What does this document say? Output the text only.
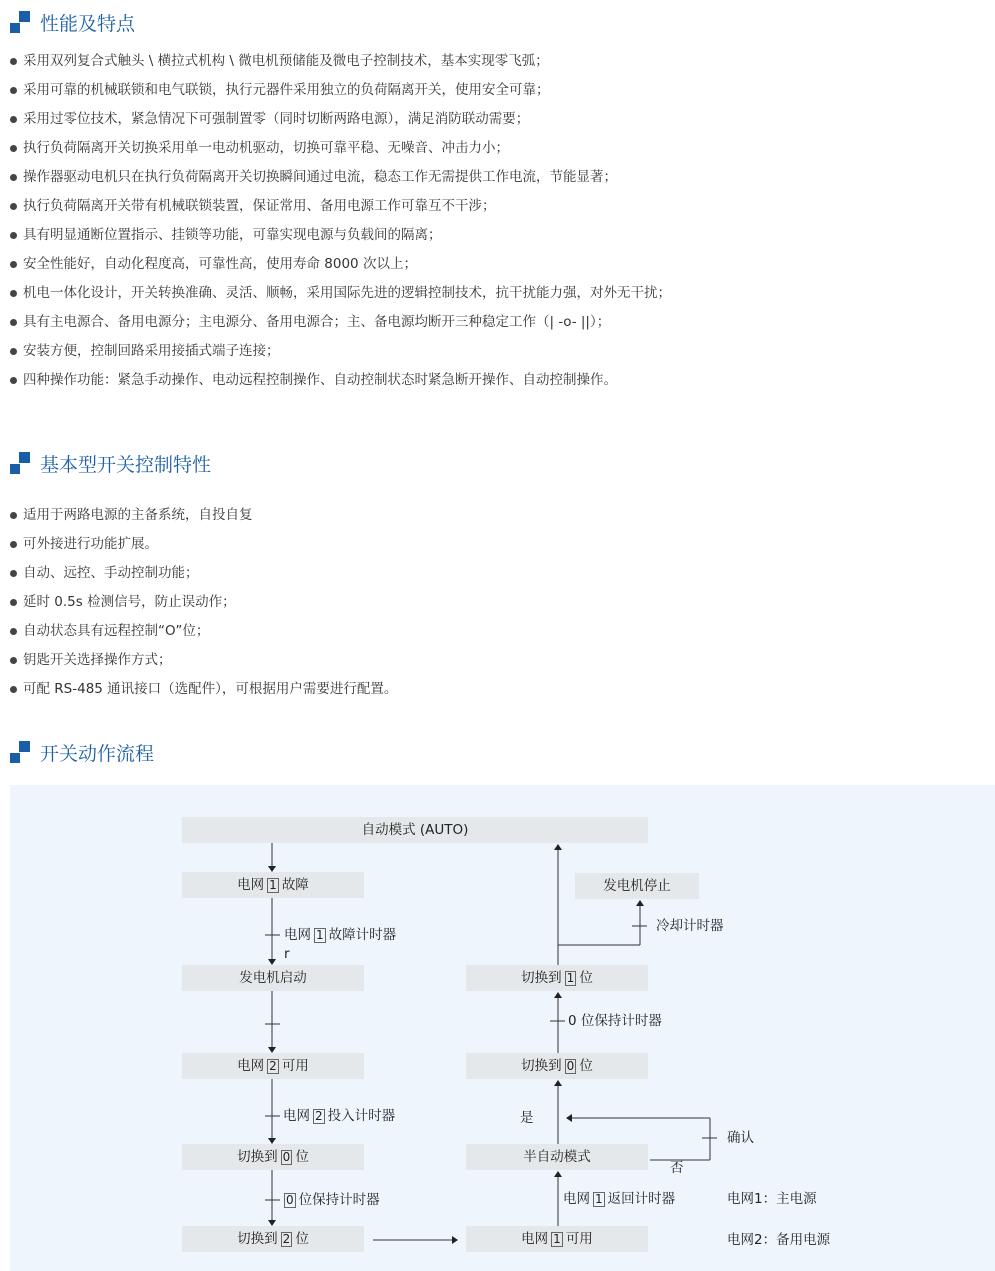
性能及特点
采用双列复合式触头 \ 横拉式机构 \ 微电机预储能及微电子控制技术，基本实现零飞弧；
采用可靠的机械联锁和电气联锁，执行元器件采用独立的负荷隔离开关，使用安全可靠；
采用过零位技术，紧急情况下可强制置零（同时切断两路电源），满足消防联动需要；
执行负荷隔离开关切换采用单一电动机驱动，切换可靠平稳、无噪音、冲击力小；
操作器驱动电机只在执行负荷隔离开关切换瞬间通过电流，稳态工作无需提供工作电流，节能显著；
执行负荷隔离开关带有机械联锁装置，保证常用、备用电源工作可靠互不干涉；
具有明显通断位置指示、挂锁等功能，可靠实现电源与负载间的隔离；
安全性能好，自动化程度高，可靠性高，使用寿命 8000 次以上；
机电一体化设计，开关转换准确、灵活、顺畅，采用国际先进的逻辑控制技术，抗干扰能力强，对外无干扰；
具有主电源合、备用电源分；主电源分、备用电源合；主、备电源均断开三种稳定工作（| -o- ||）；
安装方便，控制回路采用接插式端子连接；
四种操作功能：紧急手动操作、电动远程控制操作、自动控制状态时紧急断开操作、自动控制操作。
基本型开关控制特性
适用于两路电源的主备系统，自投自复
可外接进行功能扩展。
自动、远控、手动控制功能；
延时 0.5s 检测信号，防止误动作；
自动状态具有远程控制“O”位；
钥匙开关选择操作方式；
可配 RS-485 通讯接口（选配件），可根据用户需要进行配置。
开关动作流程
自动模式 (AUTO)
电网 1 故障
发电机启动
电网 2 可用
切换到 0 位
切换到 2 位
发电机停止
切换到 1 位
切换到 0 位
半自动模式
电网 1 可用
电网 1 故障计时器
r
电网 2 投入计时器
0 位保持计时器	电网 1 返回计时器
0 位保持计时器
冷却计时器
是
否
确认
电网1：主电源
电网2：备用电源
